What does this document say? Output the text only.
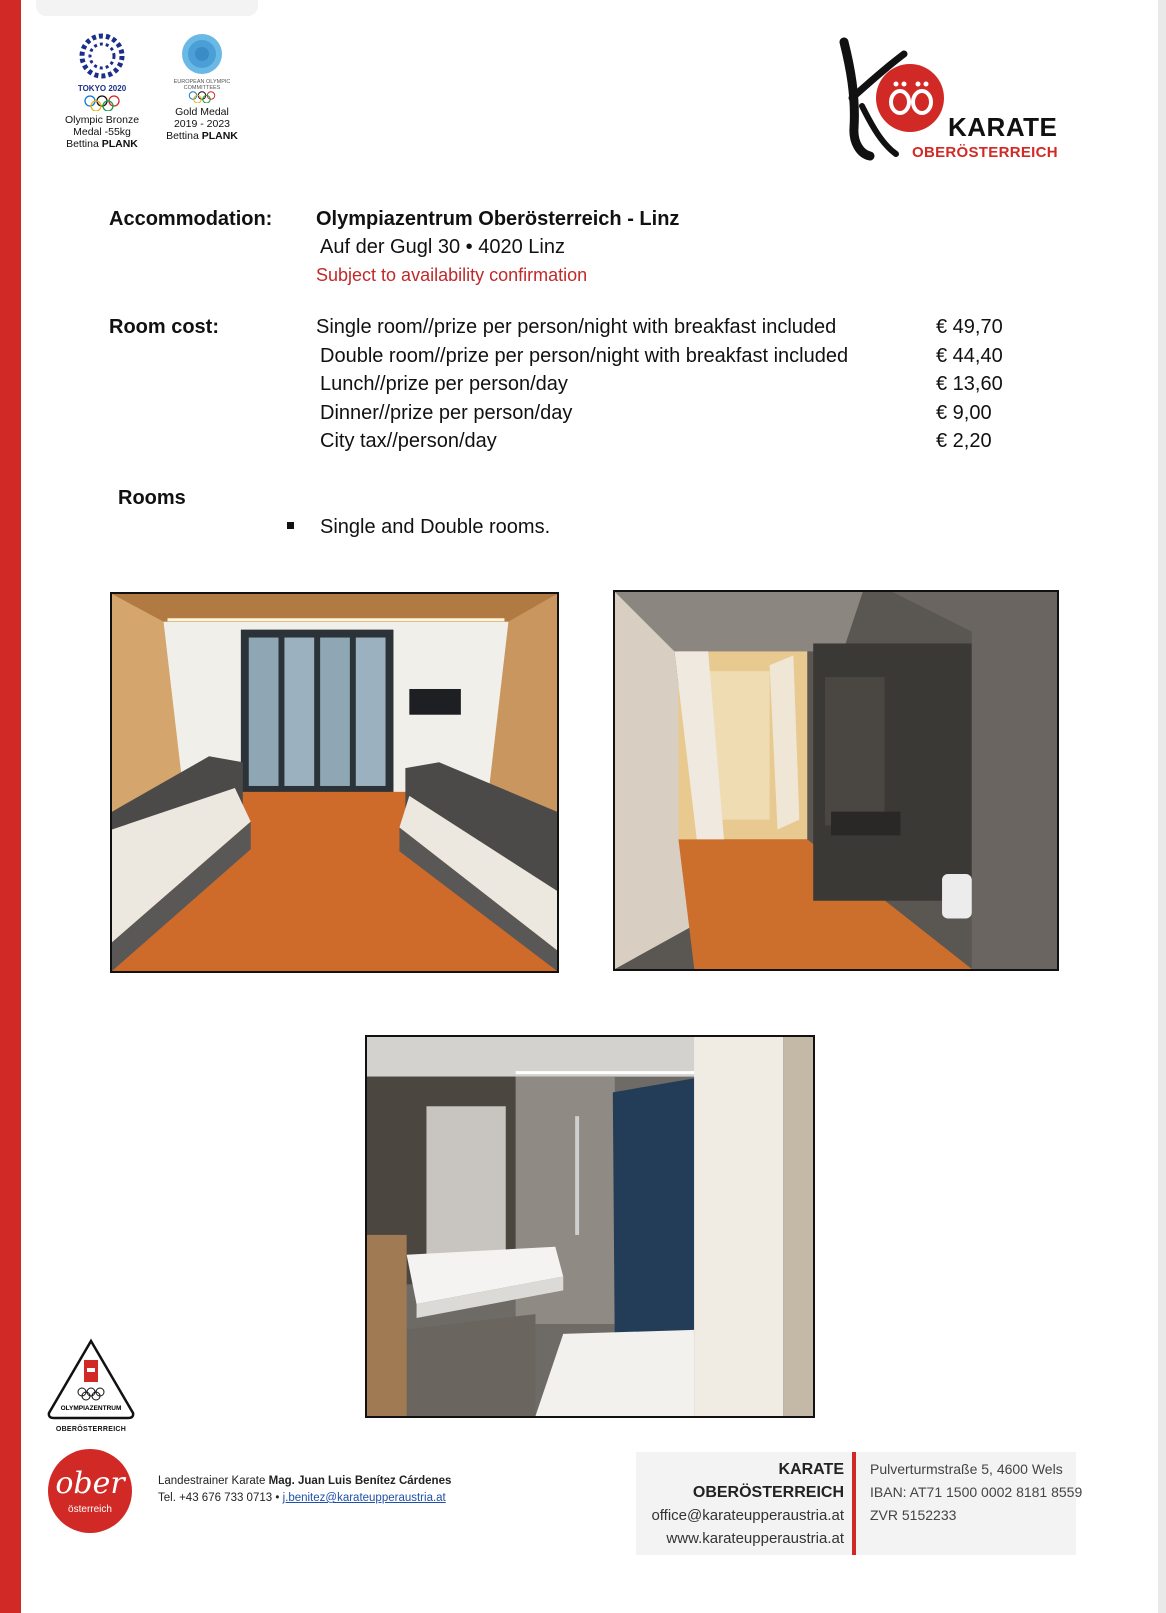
TOKYO 2020
Olympic Bronze
Medal -55kg
Bettina PLANK
EUROPEAN OLYMPIC COMMITTEES
Gold Medal
2019 - 2023
Bettina PLANK	KARATE
OBERÖSTERREICH
Accommodation: Olympiazentrum Oberösterreich - Linz
Auf der Gugl 30 • 4020 Linz
Subject to availability confirmation
Room cost:	Single room//prize per person/night with breakfast included	€ 49,70
Double room//prize per person/night with breakfast included	€ 44,40
Lunch//prize per person/day	€ 13,60
Dinner//prize per person/day	€ 9,00
City tax//person/day	€ 2,20
Rooms
Single and Double rooms.
OLYMPIAZENTRUM
OBERÖSTERREICH
ober
österreich
Landestrainer Karate Mag. Juan Luis Benítez Cárdenes
Tel. +43 676 733 0713 • j.benitez@karateupperaustria.at
KARATE OBERÖSTERREICH
office@karateupperaustria.at
www.karateupperaustria.at
Pulverturmstraße 5, 4600 Wels
IBAN: AT71 1500 0002 8181 8559
ZVR 5152233
